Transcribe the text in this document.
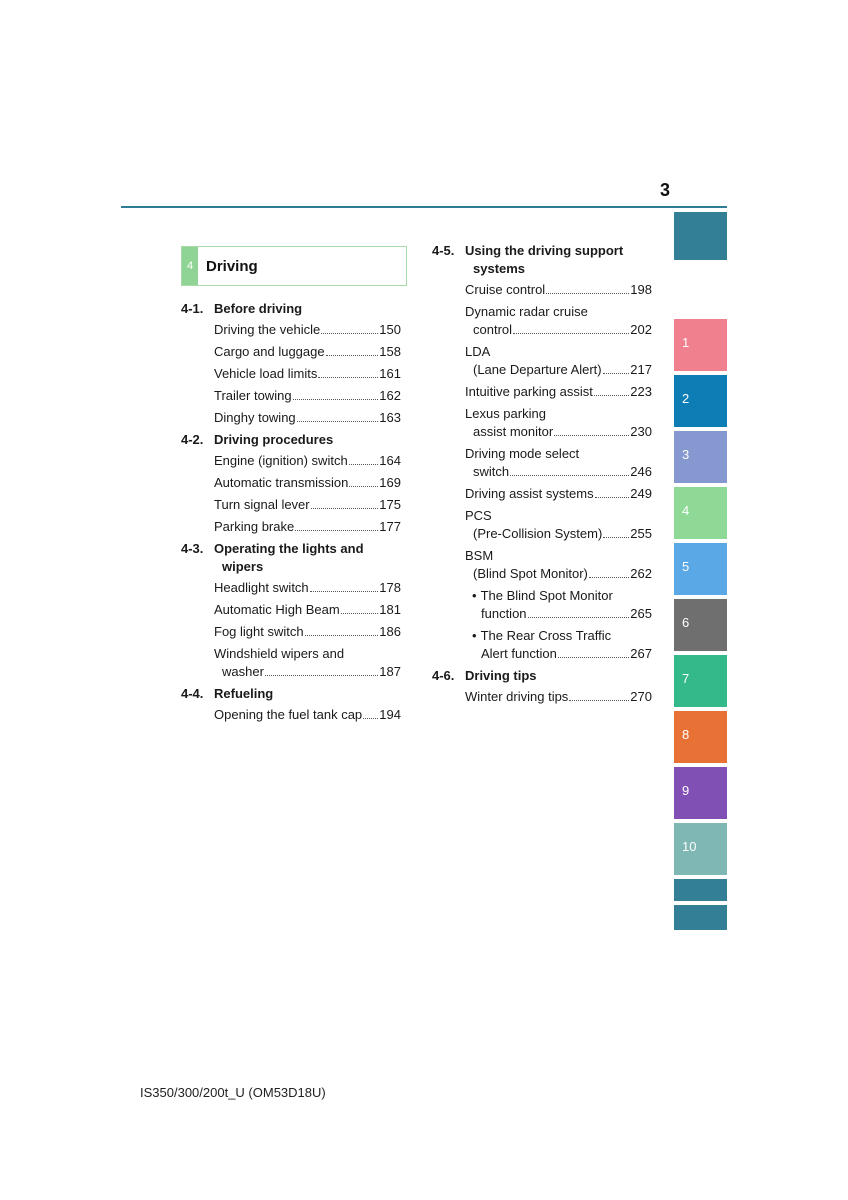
3
4 Driving
4-1. Before driving
Driving the vehicle	150
Cargo and luggage	158
Vehicle load limits	161
Trailer towing	162
Dinghy towing	163
4-2. Driving procedures
Engine (ignition) switch 164
Automatic transmission 169
Turn signal lever	175
Parking brake	177
4-3. Operating the lights and
wipers
Headlight switch	178
Automatic High Beam	181
Fog light switch	186
Windshield wipers and
washer	187
4-4. Refueling
Opening the fuel tank cap 194
4-5. Using the driving support
systems
Cruise control	198
Dynamic radar cruise
control	202
LDA
(Lane Departure Alert) 217
Intuitive parking assist	223
Lexus parking
assist monitor	230
Driving mode select
switch	246
Driving assist systems	249
PCS
(Pre-Collision System) 255
BSM
(Blind Spot Monitor)	262
• The Blind Spot Monitor
function	265
• The Rear Cross Traffic
Alert function	267
4-6. Driving tips
Winter driving tips	270
1
2
3
4
5
6
7
8
9
10
IS350/300/200t_U (OM53D18U)
